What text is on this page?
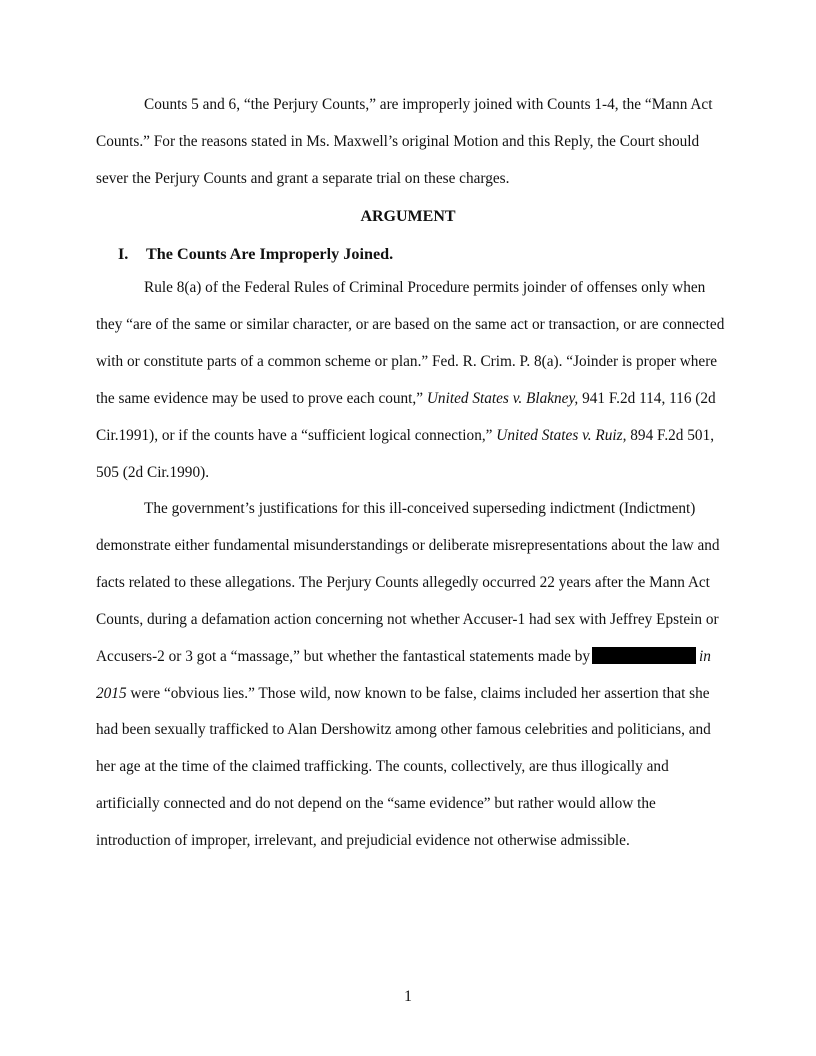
Counts 5 and 6, “the Perjury Counts,” are improperly joined with Counts 1-4, the “Mann Act Counts.” For the reasons stated in Ms. Maxwell’s original Motion and this Reply, the Court should sever the Perjury Counts and grant a separate trial on these charges.

ARGUMENT

I. The Counts Are Improperly Joined.

Rule 8(a) of the Federal Rules of Criminal Procedure permits joinder of offenses only when they “are of the same or similar character, or are based on the same act or transaction, or are connected with or constitute parts of a common scheme or plan.” Fed. R. Crim. P. 8(a). “Joinder is proper where the same evidence may be used to prove each count,” United States v. Blakney, 941 F.2d 114, 116 (2d Cir.1991), or if the counts have a “sufficient logical connection,” United States v. Ruiz, 894 F.2d 501, 505 (2d Cir.1990).

The government’s justifications for this ill-conceived superseding indictment (Indictment) demonstrate either fundamental misunderstandings or deliberate misrepresentations about the law and facts related to these allegations. The Perjury Counts allegedly occurred 22 years after the Mann Act Counts, during a defamation action concerning not whether Accuser-1 had sex with Jeffrey Epstein or Accusers-2 or 3 got a “massage,” but whether the fantastical statements made by	in 2015 were “obvious lies.” Those wild, now known to be false, claims included her assertion that she had been sexually trafficked to Alan Dershowitz among other famous celebrities and politicians, and her age at the time of the claimed trafficking. The counts, collectively, are thus illogically and artificially connected and do not depend on the “same evidence” but rather would allow the introduction of improper, irrelevant, and prejudicial evidence not otherwise admissible.

1
